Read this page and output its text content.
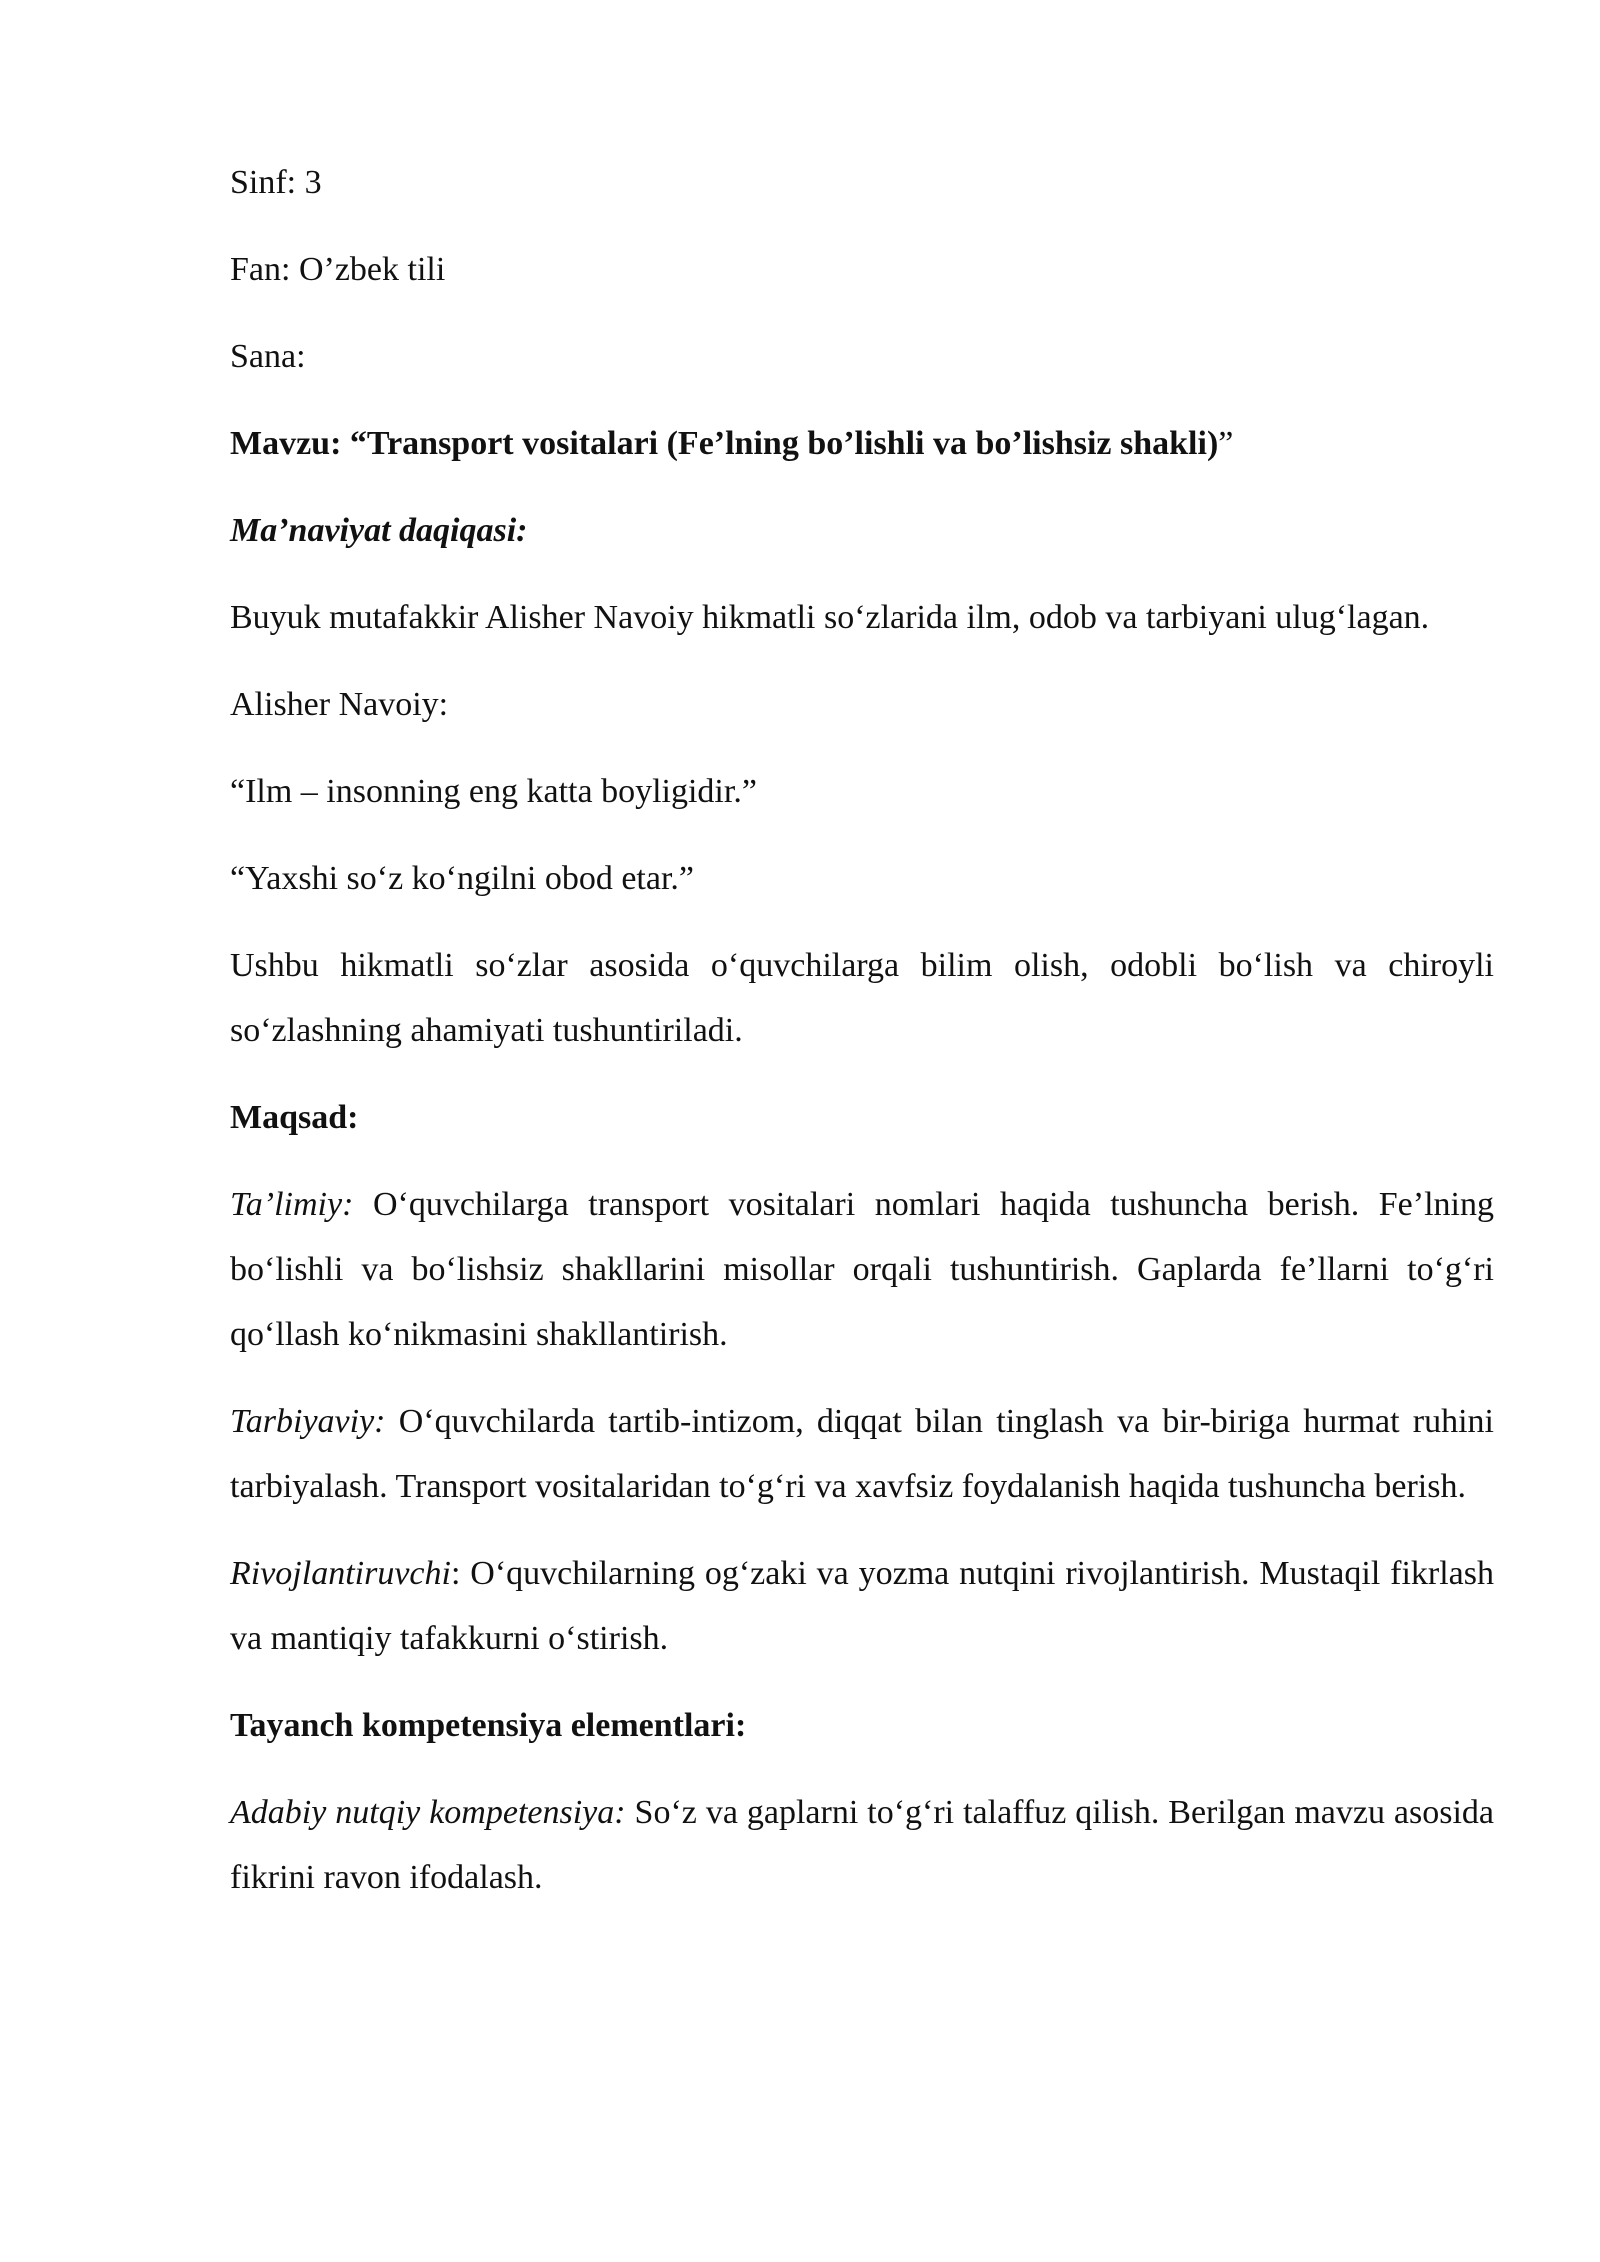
Sinf: 3

Fan: O’zbek tili

Sana:

Mavzu: “Transport vositalari (Fe’lning bo’lishli va bo’lishsiz shakli)”

Ma’naviyat daqiqasi:

Buyuk mutafakkir Alisher Navoiy hikmatli so‘zlarida ilm, odob va tarbiyani ulug‘lagan.

Alisher Navoiy:

“Ilm – insonning eng katta boyligidir.”

“Yaxshi so‘z ko‘ngilni obod etar.”

Ushbu hikmatli so‘zlar asosida o‘quvchilarga bilim olish, odobli bo‘lish va chiroyli so‘zlashning ahamiyati tushuntiriladi.

Maqsad:

Ta’limiy: O‘quvchilarga transport vositalari nomlari haqida tushuncha berish. Fe’lning bo‘lishli va bo‘lishsiz shakllarini misollar orqali tushuntirish. Gaplarda fe’llarni to‘g‘ri qo‘llash ko‘nikmasini shakllantirish.

Tarbiyaviy: O‘quvchilarda tartib-intizom, diqqat bilan tinglash va bir-biriga hurmat ruhini tarbiyalash. Transport vositalaridan to‘g‘ri va xavfsiz foydalanish haqida tushuncha berish.

Rivojlantiruvchi: O‘quvchilarning og‘zaki va yozma nutqini rivojlantirish. Mustaqil fikrlash va mantiqiy tafakkurni o‘stirish.

Tayanch kompetensiya elementlari:

Adabiy nutqiy kompetensiya: So‘z va gaplarni to‘g‘ri talaffuz qilish. Berilgan mavzu asosida fikrini ravon ifodalash.
